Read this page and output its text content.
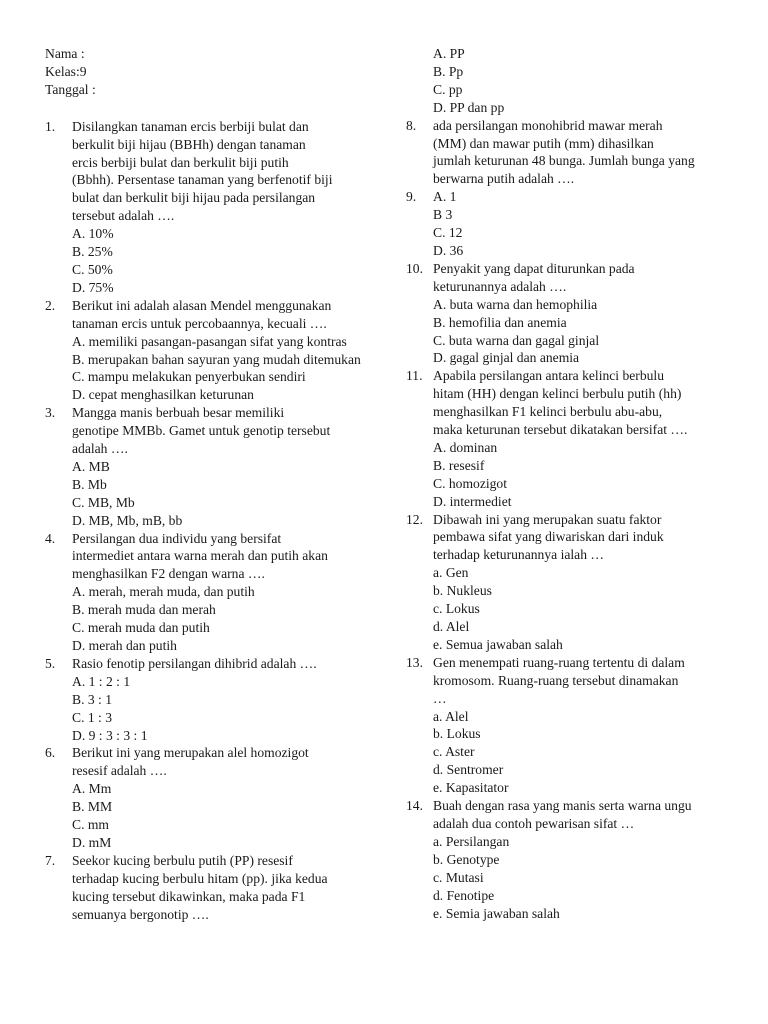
Nama :
Kelas:9
Tanggal :
1. Disilangkan tanaman ercis berbiji bulat dan
berkulit biji hijau (BBHh) dengan tanaman
ercis berbiji bulat dan berkulit biji putih
(Bbhh). Persentase tanaman yang berfenotif biji
bulat dan berkulit biji hijau pada persilangan
tersebut adalah ….
A. 10%
B. 25%
C. 50%
D. 75%
2. Berikut ini adalah alasan Mendel menggunakan
tanaman ercis untuk percobaannya, kecuali ….
A. memiliki pasangan-pasangan sifat yang kontras
B. merupakan bahan sayuran yang mudah ditemukan
C. mampu melakukan penyerbukan sendiri
D. cepat menghasilkan keturunan
3. Mangga manis berbuah besar memiliki
genotipe MMBb. Gamet untuk genotip tersebut
adalah ….
A. MB
B. Mb
C. MB, Mb
D. MB, Mb, mB, bb
4. Persilangan dua individu yang bersifat
intermediet antara warna merah dan putih akan
menghasilkan F2 dengan warna ….
A. merah, merah muda, dan putih
B. merah muda dan merah
C. merah muda dan putih
D. merah dan putih
5. Rasio fenotip persilangan dihibrid adalah ….
A. 1 : 2 : 1
B. 3 : 1
C. 1 : 3
D. 9 : 3 : 3 : 1
6. Berikut ini yang merupakan alel homozigot
resesif adalah ….
A. Mm
B. MM
C. mm
D. mM
7. Seekor kucing berbulu putih (PP) resesif
terhadap kucing berbulu hitam (pp). jika kedua
kucing tersebut dikawinkan, maka pada F1
semuanya bergonotip ….
A. PP
B. Pp
C. pp
D. PP dan pp
8. ada persilangan monohibrid mawar merah
(MM) dan mawar putih (mm) dihasilkan
jumlah keturunan 48 bunga. Jumlah bunga yang
berwarna putih adalah ….
9. A. 1
B 3
C. 12
D. 36
10. Penyakit yang dapat diturunkan pada
keturunannya adalah ….
A. buta warna dan hemophilia
B. hemofilia dan anemia
C. buta warna dan gagal ginjal
D. gagal ginjal dan anemia
11. Apabila persilangan antara kelinci berbulu
hitam (HH) dengan kelinci berbulu putih (hh)
menghasilkan F1 kelinci berbulu abu-abu,
maka keturunan tersebut dikatakan bersifat ….
A. dominan
B. resesif
C. homozigot
D. intermediet
12. Dibawah ini yang merupakan suatu faktor
pembawa sifat yang diwariskan dari induk
terhadap keturunannya ialah …
a. Gen
b. Nukleus
c. Lokus
d. Alel
e. Semua jawaban salah
13. Gen menempati ruang-ruang tertentu di dalam
kromosom. Ruang-ruang tersebut dinamakan
…
a. Alel
b. Lokus
c. Aster
d. Sentromer
e. Kapasitator
14. Buah dengan rasa yang manis serta warna ungu
adalah dua contoh pewarisan sifat …
a. Persilangan
b. Genotype
c. Mutasi
d. Fenotipe
e. Semia jawaban salah
